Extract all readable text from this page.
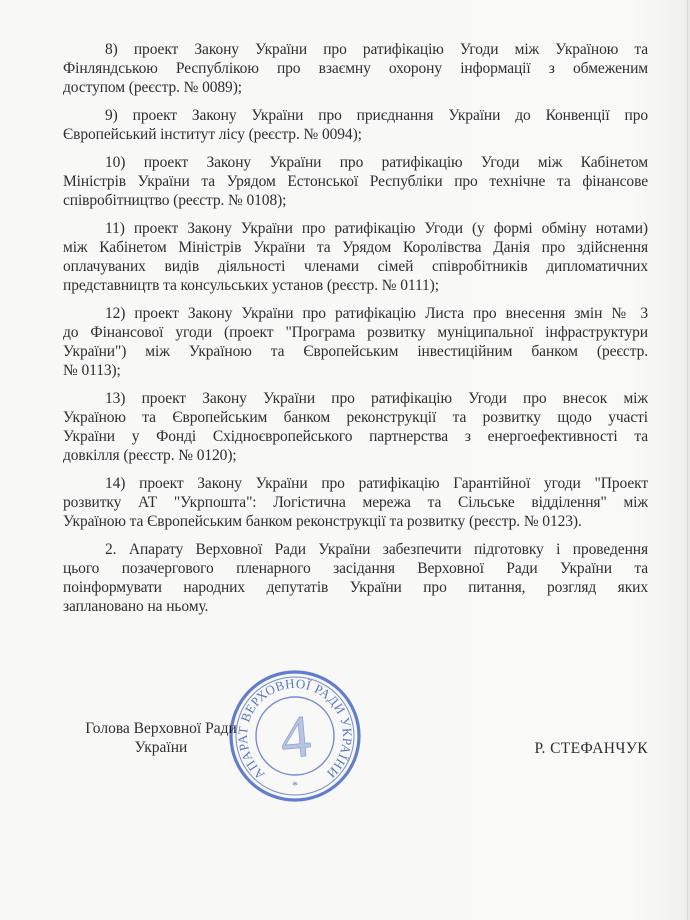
8) проект Закону України про ратифікацію Угоди між Україною та
Фінляндською Республікою про взаємну охорону інформації з обмеженим
доступом (реєстр. № 0089);
9) проект Закону України про приєднання України до Конвенції про
Європейський інститут лісу (реєстр. № 0094);
10) проект Закону України про ратифікацію Угоди між Кабінетом
Міністрів України та Урядом Естонської Республіки про технічне та фінансове
співробітництво (реєстр. № 0108);
11) проект Закону України про ратифікацію Угоди (у формі обміну нотами)
між Кабінетом Міністрів України та Урядом Королівства Данія про здійснення
оплачуваних видів діяльності членами сімей співробітників дипломатичних
представництв та консульських установ (реєстр. № 0111);
12) проект Закону України про ратифікацію Листа про внесення змін № 3
до Фінансової угоди (проект "Програма розвитку муніципальної інфраструктури
України") між Україною та Європейським інвестиційним банком (реєстр.
№ 0113);
13) проект Закону України про ратифікацію Угоди про внесок між
Україною та Європейським банком реконструкції та розвитку щодо участі
України у Фонді Східноєвропейського партнерства з енергоефективності та
довкілля (реєстр. № 0120);
14) проект Закону України про ратифікацію Гарантійної угоди "Проект
розвитку АТ "Укрпошта": Логістична мережа та Сільське відділення" між
Україною та Європейським банком реконструкції та розвитку (реєстр. № 0123).
2. Апарату Верховної Ради України забезпечити підготовку і проведення
цього позачергового пленарного засідання Верховної Ради України та
поінформувати народних депутатів України про питання, розгляд яких
заплановано на ньому.
Голова Верховної Ради
України	Р. СТЕФАНЧУК
4
АПАРАТ ВЕРХОВНОЇ РАДИ УКРАЇНИ
*
